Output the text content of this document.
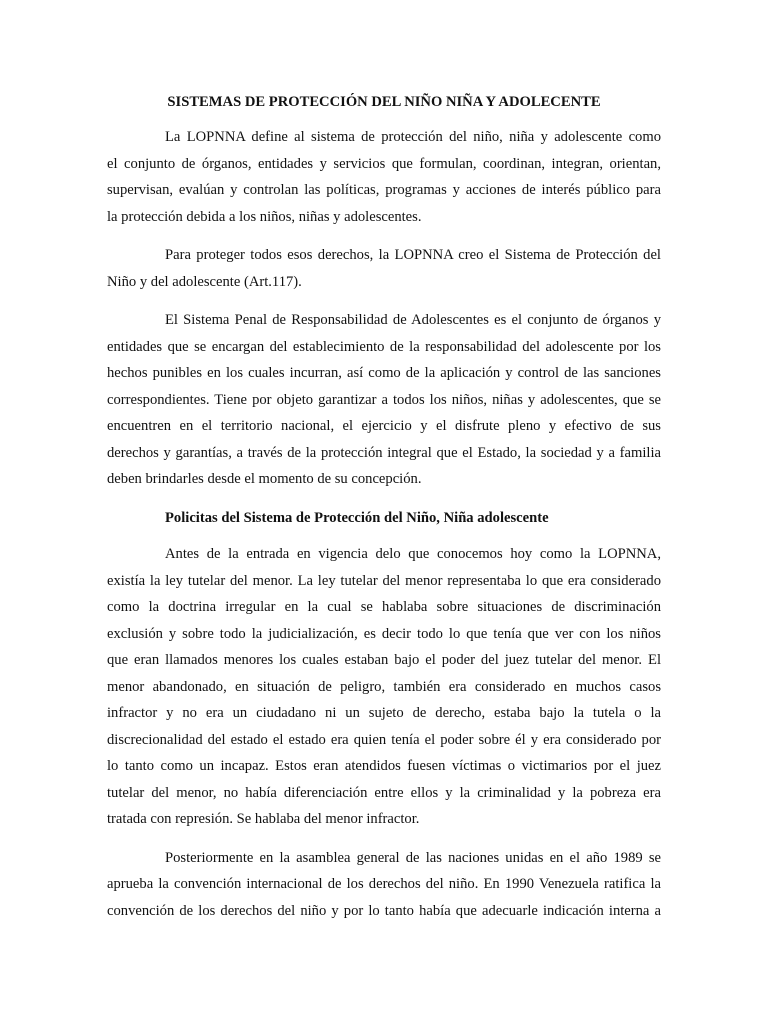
SISTEMAS DE PROTECCIÓN DEL NIÑO NIÑA Y ADOLECENTE

La LOPNNA define al sistema de protección del niño, niña y adolescente como
el conjunto de órganos, entidades y servicios que formulan, coordinan, integran, orientan,
supervisan, evalúan y controlan las políticas, programas y acciones de interés público para
la protección debida a los niños, niñas y adolescentes.

Para proteger todos esos derechos, la LOPNNA creo el Sistema de Protección del
Niño y del adolescente (Art.117).

El Sistema Penal de Responsabilidad de Adolescentes es el conjunto de órganos y
entidades que se encargan del establecimiento de la responsabilidad del adolescente por los
hechos punibles en los cuales incurran, así como de la aplicación y control de las sanciones
correspondientes. Tiene por objeto garantizar a todos los niños, niñas y adolescentes, que se
encuentren en el territorio nacional, el ejercicio y el disfrute pleno y efectivo de sus
derechos y garantías, a través de la protección integral que el Estado, la sociedad y a familia
deben brindarles desde el momento de su concepción.

Policitas del Sistema de Protección del Niño, Niña adolescente

Antes de la entrada en vigencia delo que conocemos hoy como la LOPNNA,
existía la ley tutelar del menor. La ley tutelar del menor representaba lo que era considerado
como la doctrina irregular en la cual se hablaba sobre situaciones de discriminación
exclusión y sobre todo la judicialización, es decir todo lo que tenía que ver con los niños
que eran llamados menores los cuales estaban bajo el poder del juez tutelar del menor. El
menor abandonado, en situación de peligro, también era considerado en muchos casos
infractor y no era un ciudadano ni un sujeto de derecho, estaba bajo la tutela o la
discrecionalidad del estado el estado era quien tenía el poder sobre él y era considerado por
lo tanto como un incapaz. Estos eran atendidos fuesen víctimas o victimarios por el juez
tutelar del menor, no había diferenciación entre ellos y la criminalidad y la pobreza era
tratada con represión. Se hablaba del menor infractor.

Posteriormente en la asamblea general de las naciones unidas en el año 1989 se
aprueba la convención internacional de los derechos del niño. En 1990 Venezuela ratifica la
convención de los derechos del niño y por lo tanto había que adecuarle indicación interna a
